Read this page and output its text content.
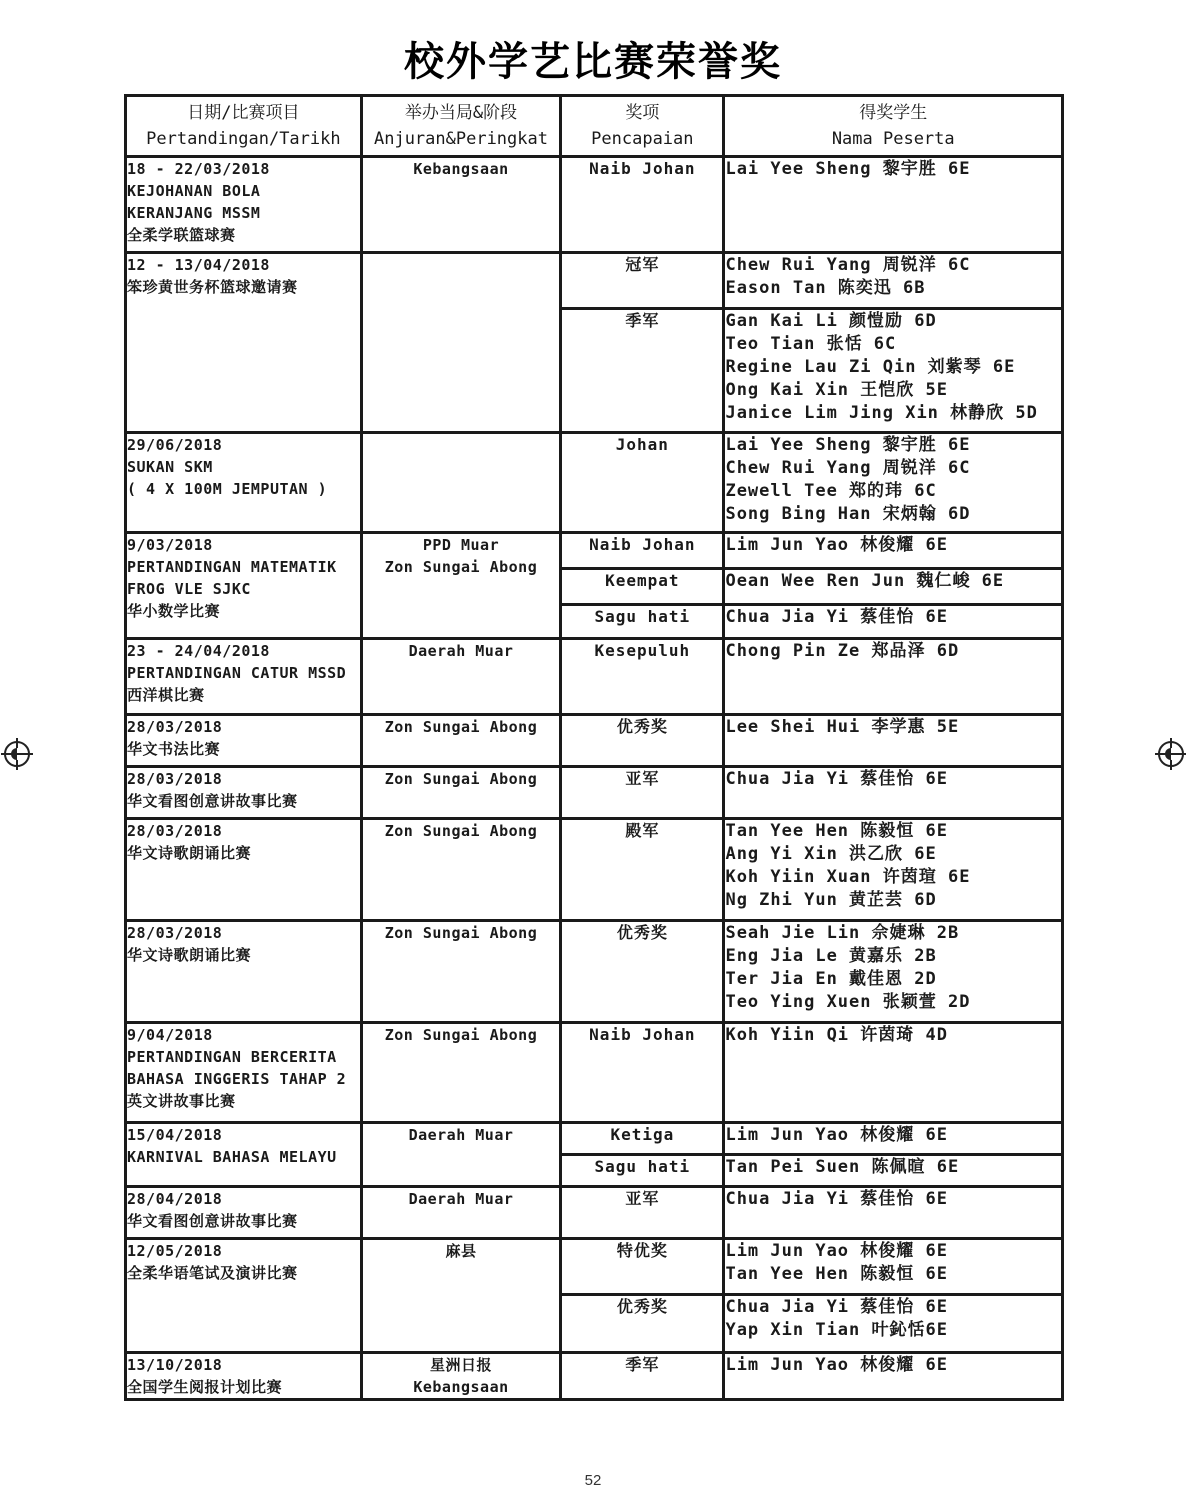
校外学艺比赛荣誉奖
日期/比赛项目
Pertandingan/Tarikh	举办当局&阶段
Anjuran&Peringkat	奖项
Pencapaian	得奖学生
Nama Peserta

18 - 22/03/2018
KEJOHANAN BOLA
KERANJANG MSSM
全柔学联篮球赛	Kebangsaan	Naib Johan	Lai Yee Sheng 黎宇胜 6E

12 - 13/04/2018
笨珍黄世务杯篮球邀请赛		冠军	Chew Rui Yang 周锐洋 6C
Eason Tan 陈奕迅 6B

		季军	Gan Kai Li 颜愷励 6D
Teo Tian 张恬 6C
Regine Lau Zi Qin 刘紫琴 6E
Ong Kai Xin 王恺欣 5E
Janice Lim Jing Xin 林静欣 5D

29/06/2018
SUKAN SKM
( 4 X 100M JEMPUTAN )		Johan	Lai Yee Sheng 黎宇胜 6E
Chew Rui Yang 周锐洋 6C
Zewell Tee 郑的玮 6C
Song Bing Han 宋炳翰 6D

9/03/2018
PERTANDINGAN MATEMATIK
FROG VLE SJKC
华小数学比赛	PPD Muar
Zon Sungai Abong	Naib Johan	Lim Jun Yao 林俊耀 6E

		Keempat	Oean Wee Ren Jun 魏仁峻 6E

		Sagu hati	Chua Jia Yi 蔡佳怡 6E

23 - 24/04/2018
PERTANDINGAN CATUR MSSD
西洋棋比赛	Daerah Muar	Kesepuluh	Chong Pin Ze 郑品泽 6D

28/03/2018
华文书法比赛	Zon Sungai Abong	优秀奖	Lee Shei Hui 李学惠 5E

28/03/2018
华文看图创意讲故事比赛	Zon Sungai Abong	亚军	Chua Jia Yi 蔡佳怡 6E

28/03/2018
华文诗歌朗诵比赛	Zon Sungai Abong	殿军	Tan Yee Hen 陈毅恒 6E
Ang Yi Xin 洪乙欣 6E
Koh Yiin Xuan 许茵瑄 6E
Ng Zhi Yun 黄芷芸 6D

28/03/2018
华文诗歌朗诵比赛	Zon Sungai Abong	优秀奖	Seah Jie Lin 佘婕琳 2B
Eng Jia Le 黄嘉乐 2B
Ter Jia En 戴佳恩 2D
Teo Ying Xuen 张颖萱 2D

9/04/2018
PERTANDINGAN BERCERITA
BAHASA INGGERIS TAHAP 2
英文讲故事比赛	Zon Sungai Abong	Naib Johan	Koh Yiin Qi 许茵琦 4D

15/04/2018
KARNIVAL BAHASA MELAYU	Daerah Muar	Ketiga	Lim Jun Yao 林俊耀 6E

		Sagu hati	Tan Pei Suen 陈佩暄 6E

28/04/2018
华文看图创意讲故事比赛	Daerah Muar	亚军	Chua Jia Yi 蔡佳怡 6E

12/05/2018
全柔华语笔试及演讲比赛	麻县	特优奖	Lim Jun Yao 林俊耀 6E
Tan Yee Hen 陈毅恒 6E

		优秀奖	Chua Jia Yi 蔡佳怡 6E
Yap Xin Tian 叶鈊恬6E

13/10/2018
全国学生阅报计划比赛	星洲日报
Kebangsaan	季军	Lim Jun Yao 林俊耀 6E
52
